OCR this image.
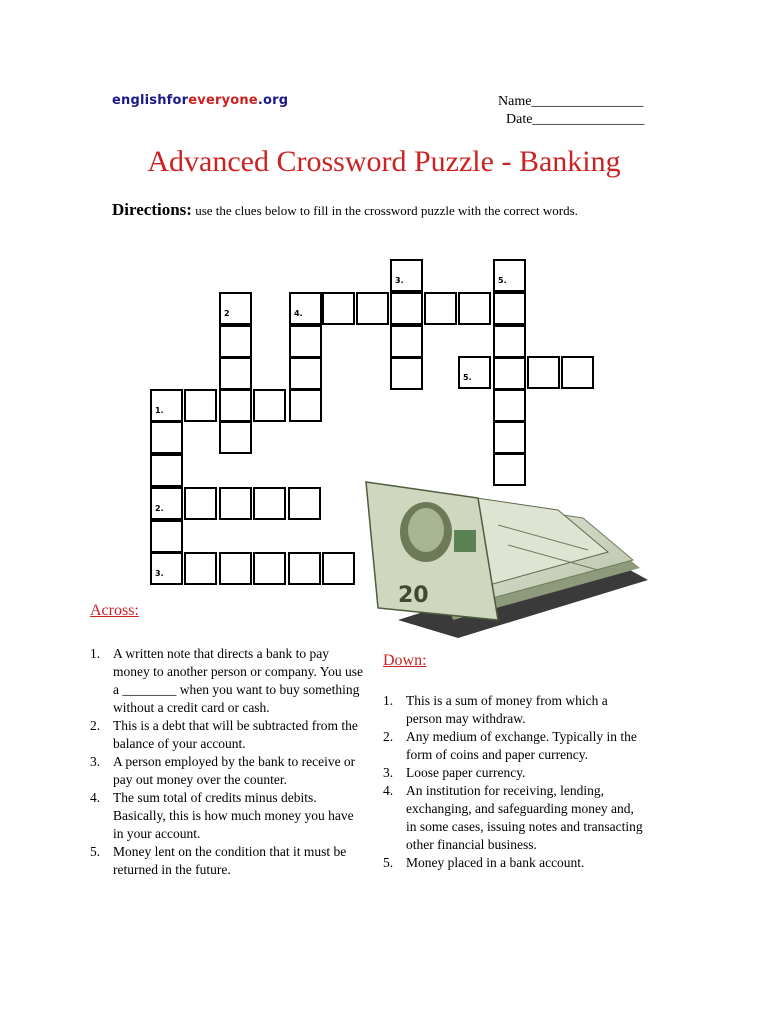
englishforeveryone.org	Name________________
Date________________
Advanced Crossword Puzzle - Banking
Directions: use the clues below to fill in the crossword puzzle with the correct words.
3.	5.
4.
2
5.
1.
2.
3.
20
Across:
1. A written note that directs a bank to pay money to another person or company. You use a ________ when you want to buy something without a credit card or cash.
2. This is a debt that will be subtracted from the balance of your account.
3. A person employed by the bank to receive or pay out money over the counter.
4. The sum total of credits minus debits. Basically, this is how much money you have in your account.
5. Money lent on the condition that it must be returned in the future.
Down:
1. This is a sum of money from which a person may withdraw.
2. Any medium of exchange. Typically in the form of coins and paper currency.
3. Loose paper currency.
4. An institution for receiving, lending, exchanging, and safeguarding money and, in some cases, issuing notes and transacting other financial business.
5. Money placed in a bank account.
